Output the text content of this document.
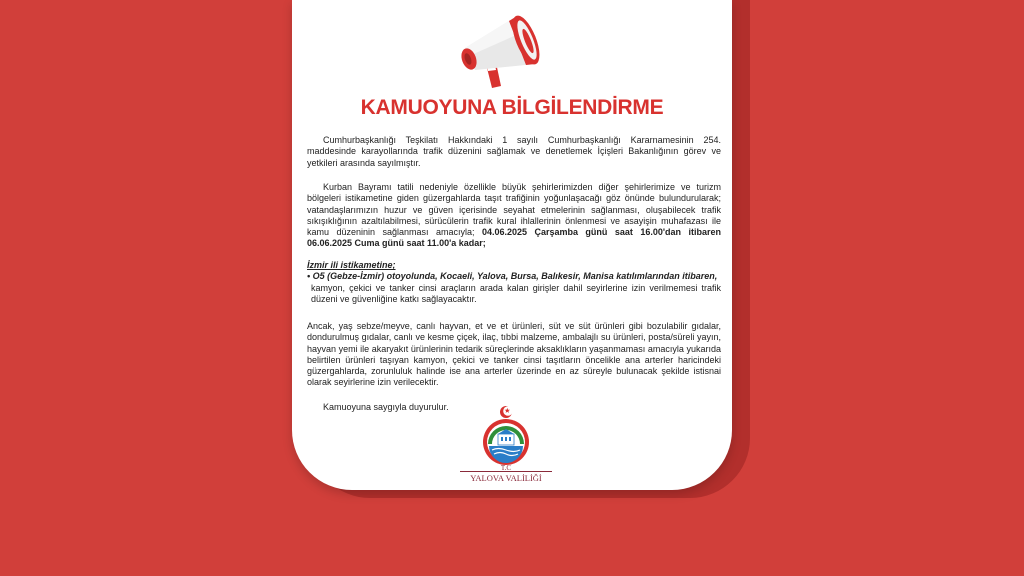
KAMUOYUNA BİLGİLENDİRME

Cumhurbaşkanlığı Teşkilatı Hakkındaki 1 sayılı Cumhurbaşkanlığı Kararnamesinin 254. maddesinde karayollarında trafik düzenini sağlamak ve denetlemek İçişleri Bakanlığının görev ve yetkileri arasında sayılmıştır.

Kurban Bayramı tatili nedeniyle özellikle büyük şehirlerimizden diğer şehirlerimize ve turizm bölgeleri istikametine giden güzergahlarda taşıt trafiğinin yoğunlaşacağı göz önünde bulundurularak; vatandaşlarımızın huzur ve güven içerisinde seyahat etmelerinin sağlanması, oluşabilecek trafik sıkışıklığının azaltılabilmesi, sürücülerin trafik kural ihlallerinin önlenmesi ve asayişin muhafazası ile kamu düzeninin sağlanması amacıyla; 04.06.2025 Çarşamba günü saat 16.00'dan itibaren 06.06.2025 Cuma günü saat 11.00'a kadar;

İzmir ili istikametine;

• O5 (Gebze-İzmir) otoyolunda, Kocaeli, Yalova, Bursa, Balıkesir, Manisa katılımlarından itibaren,

kamyon, çekici ve tanker cinsi araçların arada kalan girişler dahil seyirlerine izin verilmemesi trafik düzeni ve güvenliğine katkı sağlayacaktır.

Ancak, yaş sebze/meyve, canlı hayvan, et ve et ürünleri, süt ve süt ürünleri gibi bozulabilir gıdalar, dondurulmuş gıdalar, canlı ve kesme çiçek, ilaç, tıbbi malzeme, ambalajlı su ürünleri, posta/süreli yayın, hayvan yemi ile akaryakıt ürünlerinin tedarik süreçlerinde aksaklıkların yaşanmaması amacıyla yukarıda belirtilen ürünleri taşıyan kamyon, çekici ve tanker cinsi taşıtların öncelikle ana arterler haricindeki güzergahlarda, zorunluluk halinde ise ana arterler üzerinde en az süreyle bulunacak şekilde istisnai olarak seyirlerine izin verilecektir.

Kamuoyuna saygıyla duyurulur.

T.C
YALOVA VALİLİĞİ
